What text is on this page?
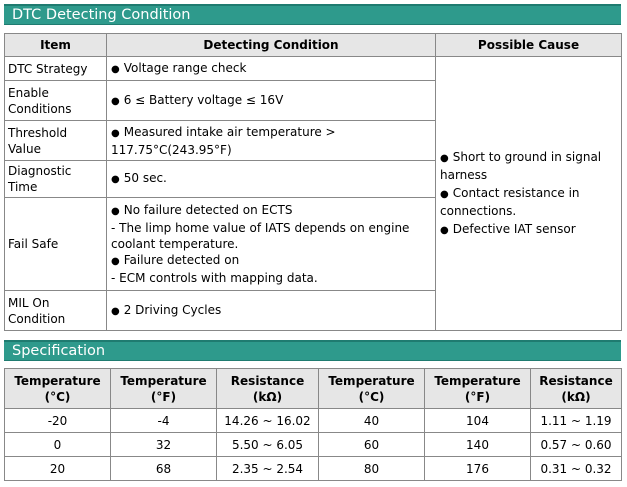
DTC Detecting Condition
Item	Detecting Condition	Possible Cause
DTC Strategy	● Voltage range check	● Short to ground in signal harness
● Contact resistance in connections.
● Defective IAT sensor

Enable Conditions	● 6 ≤ Battery voltage ≤ 16V

Threshold Value	● Measured intake air temperature > 117.75°C(243.95°F)

Diagnostic Time	● 50 sec.

Fail Safe	● No failure detected on ECTS
- The limp home value of IATS depends on engine coolant temperature.
● Failure detected on
- ECM controls with mapping data.

MIL On Condition	● 2 Driving Cycles
Specification
Temperature (°C)	Temperature (°F)	Resistance (kΩ)	Temperature (°C)	Temperature (°F)	Resistance (kΩ)
-20	-4	14.26 ~ 16.02	40	104	1.11 ~ 1.19
0	32	5.50 ~ 6.05	60	140	0.57 ~ 0.60
20	68	2.35 ~ 2.54	80	176	0.31 ~ 0.32
